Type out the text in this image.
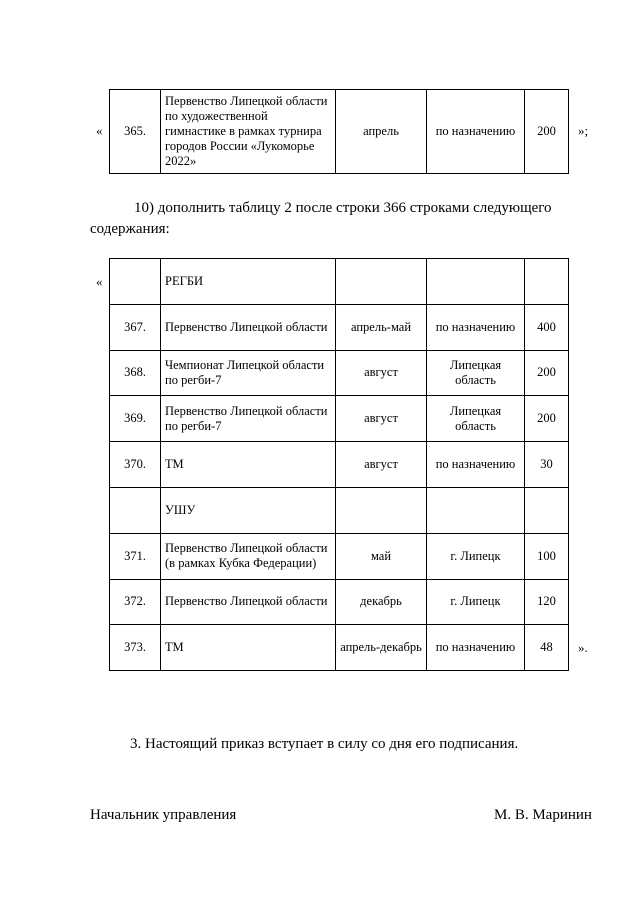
« 365.	Первенство Липецкой области по художественной гимнастике в рамках турнира городов России «Лукоморье 2022»	апрель	по назначению	200 »;
10) дополнить таблицу 2 после строки 366 строками следующего
содержания:
«
		РЕГБИ			
367.	Первенство Липецкой области	апрель-май	по назначению	400
368.	Чемпионат Липецкой области по регби-7	август	Липецкая область	200
369.	Первенство Липецкой области по регби-7	август	Липецкая область	200
370.	ТМ	август	по назначению	30
	УШУ			
371.	Первенство Липецкой области (в рамках Кубка Федерации)	май	г. Липецк	100
372.	Первенство Липецкой области	декабрь	г. Липецк	120
373.	ТМ	апрель-декабрь	по назначению	48 ».
3. Настоящий приказ вступает в силу со дня его подписания.
Начальник управления	М. В. Маринин
